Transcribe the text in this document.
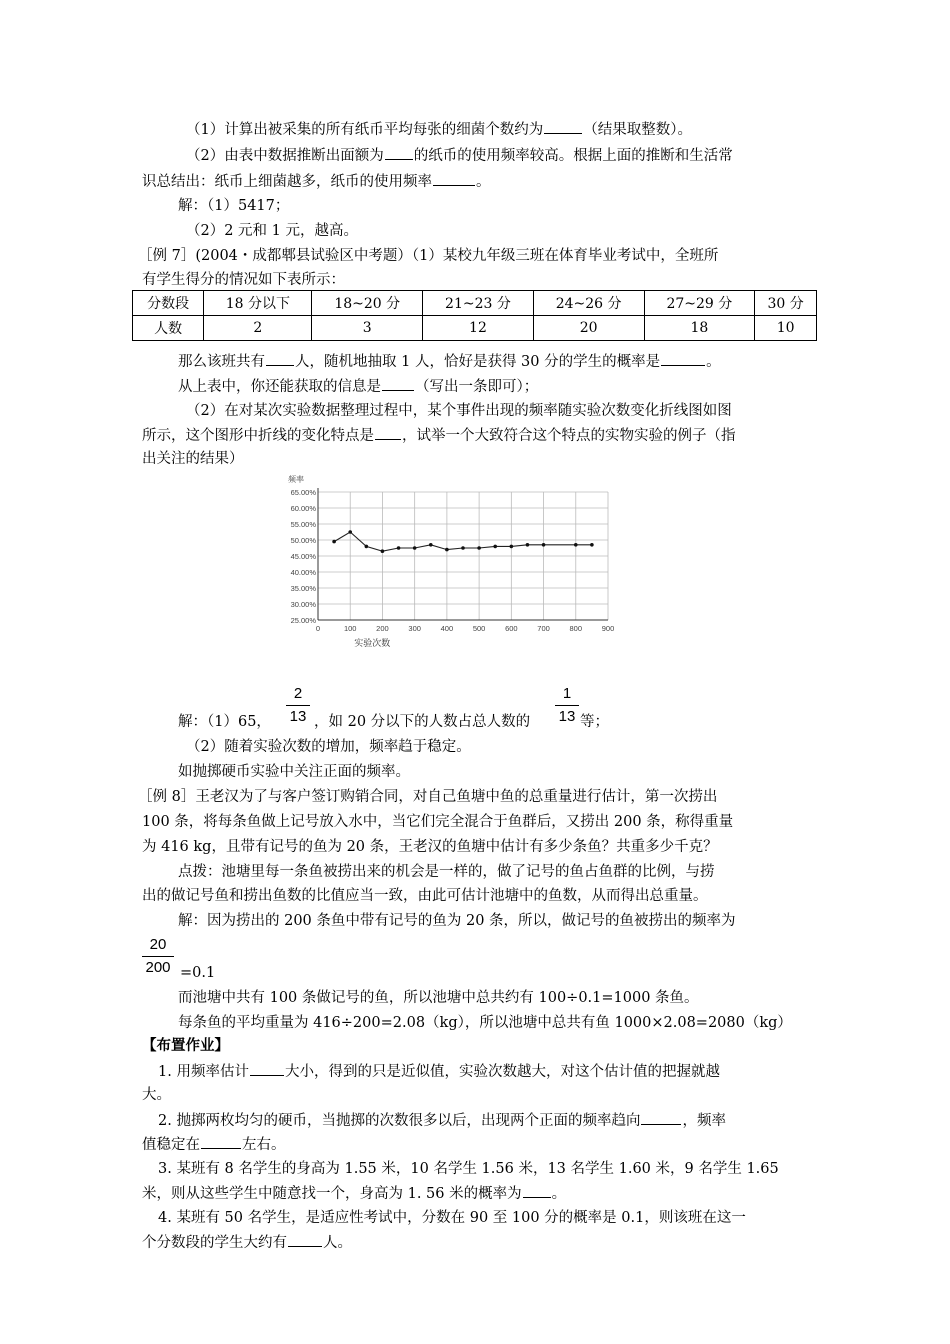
（1）计算出被采集的所有纸币平均每张的细菌个数约为	（结果取整数）。
（2）由表中数据推断出面额为 的纸币的使用频率较高。根据上面的推断和生活常
识总结出：纸币上细菌越多，纸币的使用频率	。
解：（1）5417；
（2）2 元和 1 元，越高。
［例 7］(2004・成都郫县试验区中考题）（1）某校九年级三班在体育毕业考试中，全班所
有学生得分的情况如下表所示：
分数段	18 分以下	18~20 分	21~23 分	24~26 分	27~29 分	30 分
人数	2	3	12	20	18	10
那么该班共有 人，随机地抽取 1 人，恰好是获得 30 分的学生的概率是	。
从上表中，你还能获取的信息是 （写出一条即可）；
（2）在对某次实验数据整理过程中，某个事件出现的频率随实验次数变化折线图如图
所示，这个图形中折线的变化特点是 ，试举一个大致符合这个特点的实物实验的例子（指
出关注的结果）
25.00%
30.00%
35.00%
40.00%
45.00%
50.00%
55.00%
60.00%
65.00%
0	100	200	300	400	500	600	700	800	900
频率
实验次数
2
13
1
13
解：（1）65，	，如 20 分以下的人数占总人数的	等；
（2）随着实验次数的增加，频率趋于稳定。
如抛掷硬币实验中关注正面的频率。
［例 8］王老汉为了与客户签订购销合同，对自己鱼塘中鱼的总重量进行估计，第一次捞出
100 条，将每条鱼做上记号放入水中，当它们完全混合于鱼群后，又捞出 200 条，称得重量
为 416 kg，且带有记号的鱼为 20 条，王老汉的鱼塘中估计有多少条鱼？共重多少千克？
点拨：池塘里每一条鱼被捞出来的机会是一样的，做了记号的鱼占鱼群的比例，与捞
出的做记号鱼和捞出鱼数的比值应当一致，由此可估计池塘中的鱼数，从而得出总重量。
解：因为捞出的 200 条鱼中带有记号的鱼为 20 条，所以，做记号的鱼被捞出的频率为
20
200 =0.1
而池塘中共有 100 条做记号的鱼，所以池塘中总共约有 100÷0.1=1000 条鱼。
每条鱼的平均重量为 416÷200=2.08（kg），所以池塘中总共有鱼 1000×2.08=2080（kg）
【布置作业】
1. 用频率估计 大小，得到的只是近似值，实验次数越大，对这个估计值的把握就越
大。
2. 抛掷两枚均匀的硬币，当抛掷的次数很多以后，出现两个正面的频率趋向	，频率
值稳定在	左右。
3. 某班有 8 名学生的身高为 1.55 米，10 名学生 1.56 米，13 名学生 1.60 米，9 名学生 1.65
米，则从这些学生中随意找一个，身高为 1. 56 米的概率为 。
4. 某班有 50 名学生，是适应性考试中，分数在 90 至 100 分的概率是 0.1，则该班在这一
个分数段的学生大约有 人。
